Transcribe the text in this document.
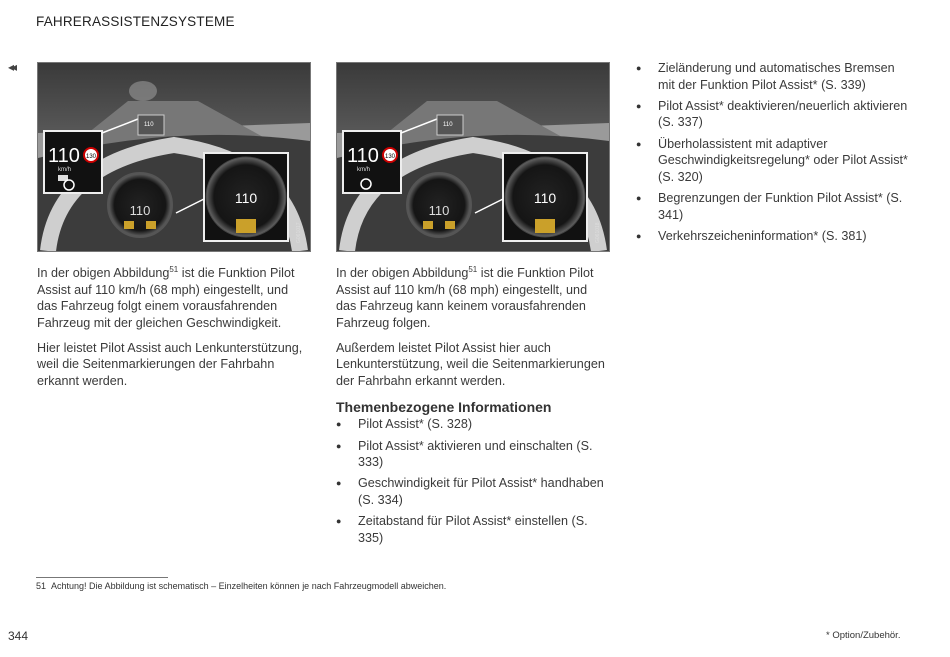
FAHRERASSISTENZSYSTEME
◂◂
110
110
km/h
130
110
110
G061017
110
110
km/h
130
110
110
G061018

In der obigen Abbildung$^{51}$ ist die Funktion Pilot Assist auf 110 km/h (68 mph) eingestellt, und das Fahrzeug folgt einem vorausfahrenden Fahrzeug mit der gleichen Geschwindigkeit.

Hier leistet Pilot Assist auch Lenkunterstützung, weil die Seitenmarkierungen der Fahrbahn erkannt werden.

In der obigen Abbildung$^{51}$ ist die Funktion Pilot Assist auf 110 km/h (68 mph) eingestellt, und das Fahrzeug kann keinem vorausfahrenden Fahrzeug folgen.

Außerdem leistet Pilot Assist hier auch Lenkunterstützung, weil die Seitenmarkierungen der Fahrbahn erkannt werden.

Themenbezogene Informationen

● Pilot Assist* (S. 328)
● Pilot Assist* aktivieren und einschalten (S. 333)
● Geschwindigkeit für Pilot Assist* handhaben (S. 334)
● Zeitabstand für Pilot Assist* einstellen (S. 335)
● Zieländerung und automatisches Bremsen mit der Funktion Pilot Assist* (S. 339)
● Pilot Assist* deaktivieren/neuerlich aktivieren (S. 337)
● Überholassistent mit adaptiver Geschwindigkeitsregelung* oder Pilot Assist* (S. 320)
● Begrenzungen der Funktion Pilot Assist* (S. 341)
● Verkehrszeicheninformation* (S. 381)
51 Achtung! Die Abbildung ist schematisch – Einzelheiten können je nach Fahrzeugmodell abweichen.
344	* Option/Zubehör.
